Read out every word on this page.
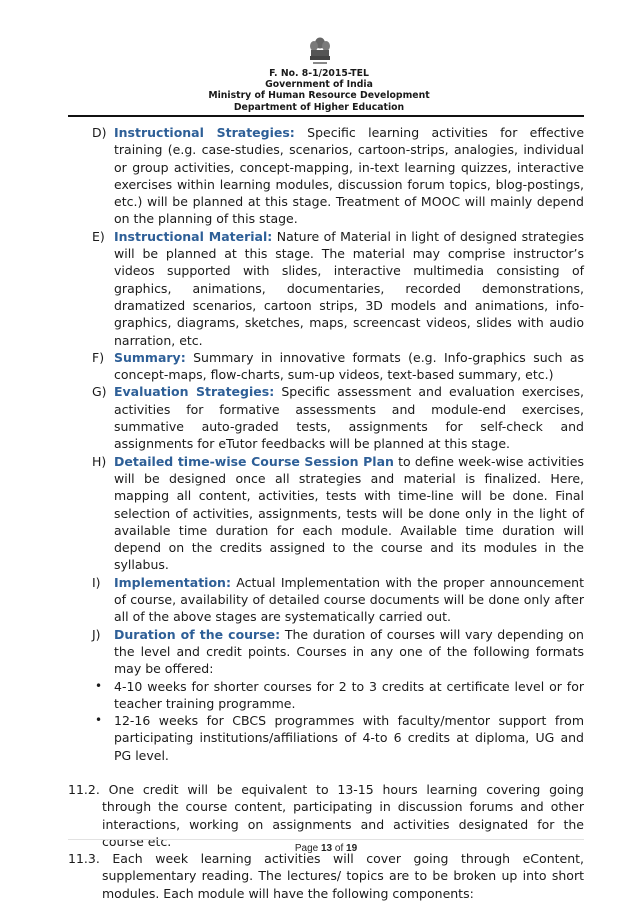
F. No. 8-1/2015-TEL
Government of India
Ministry of Human Resource Development
Department of Higher Education
D) Instructional Strategies: Specific learning activities for effective training (e.g. case-studies, scenarios, cartoon-strips, analogies, individual or group activities, concept-mapping, in-text learning quizzes, interactive exercises within learning modules, discussion forum topics, blog-postings, etc.) will be planned at this stage. Treatment of MOOC will mainly depend on the planning of this stage.
E) Instructional Material: Nature of Material in light of designed strategies will be planned at this stage. The material may comprise instructor’s videos supported with slides, interactive multimedia consisting of graphics, animations, documentaries, recorded demonstrations, dramatized scenarios, cartoon strips, 3D models and animations, info-graphics, diagrams, sketches, maps, screencast videos, slides with audio narration, etc.
F) Summary: Summary in innovative formats (e.g. Info-graphics such as concept-maps, flow-charts, sum-up videos, text-based summary, etc.)
G) Evaluation Strategies: Specific assessment and evaluation exercises, activities for formative assessments and module-end exercises, summative auto-graded tests, assignments for self-check and assignments for eTutor feedbacks will be planned at this stage.
H) Detailed time-wise Course Session Plan to define week-wise activities will be designed once all strategies and material is finalized. Here, mapping all content, activities, tests with time-line will be done. Final selection of activities, assignments, tests will be done only in the light of available time duration for each module. Available time duration will depend on the credits assigned to the course and its modules in the syllabus.
I) Implementation: Actual Implementation with the proper announcement of course, availability of detailed course documents will be done only after all of the above stages are systematically carried out.
J) Duration of the course: The duration of courses will vary depending on the level and credit points. Courses in any one of the following formats may be offered:
• 4-10 weeks for shorter courses for 2 to 3 credits at certificate level or for teacher training programme.
• 12-16 weeks for CBCS programmes with faculty/mentor support from participating institutions/affiliations of 4-to 6 credits at diploma, UG and PG level.
11.2. One credit will be equivalent to 13-15 hours learning covering going through the course content, participating in discussion forums and other interactions, working on assignments and activities designated for the course etc.
11.3. Each week learning activities will cover going through eContent, supplementary reading. The lectures/ topics are to be broken up into short modules. Each module will have the following components:
Page 13 of 19
